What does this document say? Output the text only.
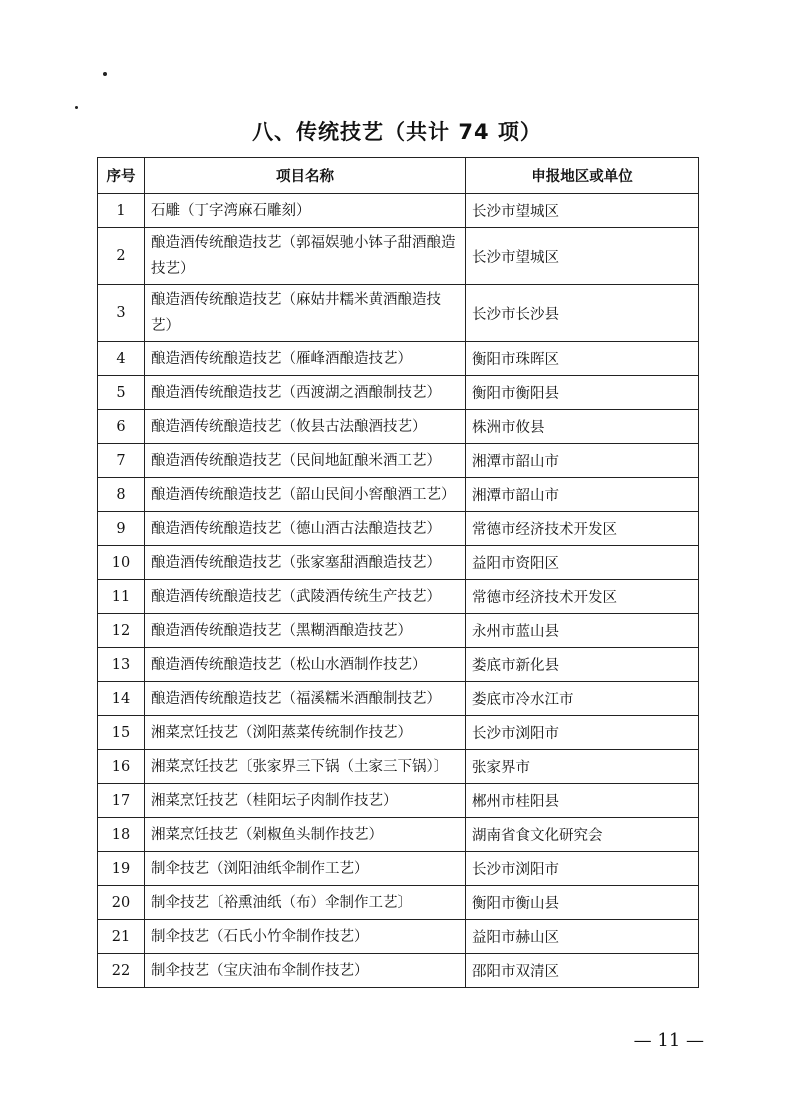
八、传统技艺（共计 74 项）
序号	项目名称	申报地区或单位
1	石雕（丁字湾麻石雕刻）	长沙市望城区
2	酿造酒传统酿造技艺（郭福娱驰小钵子甜酒酿造技艺）	长沙市望城区
3	酿造酒传统酿造技艺（麻姑井糯米黄酒酿造技艺）	长沙市长沙县
4	酿造酒传统酿造技艺（雁峰酒酿造技艺）	衡阳市珠晖区
5	酿造酒传统酿造技艺（西渡湖之酒酿制技艺）	衡阳市衡阳县
6	酿造酒传统酿造技艺（攸县古法酿酒技艺）	株洲市攸县
7	酿造酒传统酿造技艺（民间地缸酿米酒工艺）	湘潭市韶山市
8	酿造酒传统酿造技艺（韶山民间小窖酿酒工艺）	湘潭市韶山市
9	酿造酒传统酿造技艺（德山酒古法酿造技艺）	常德市经济技术开发区
10	酿造酒传统酿造技艺（张家塞甜酒酿造技艺）	益阳市资阳区
11	酿造酒传统酿造技艺（武陵酒传统生产技艺）	常德市经济技术开发区
12	酿造酒传统酿造技艺（黑糊酒酿造技艺）	永州市蓝山县
13	酿造酒传统酿造技艺（松山水酒制作技艺）	娄底市新化县
14	酿造酒传统酿造技艺（福溪糯米酒酿制技艺）	娄底市冷水江市
15	湘菜烹饪技艺（浏阳蒸菜传统制作技艺）	长沙市浏阳市
16	湘菜烹饪技艺〔张家界三下锅（土家三下锅）〕	张家界市
17	湘菜烹饪技艺（桂阳坛子肉制作技艺）	郴州市桂阳县
18	湘菜烹饪技艺（剁椒鱼头制作技艺）	湖南省食文化研究会
19	制伞技艺（浏阳油纸伞制作工艺）	长沙市浏阳市
20	制伞技艺〔裕熏油纸（布）伞制作工艺〕	衡阳市衡山县
21	制伞技艺（石氏小竹伞制作技艺）	益阳市赫山区
22	制伞技艺（宝庆油布伞制作技艺）	邵阳市双清区
— 11 —
